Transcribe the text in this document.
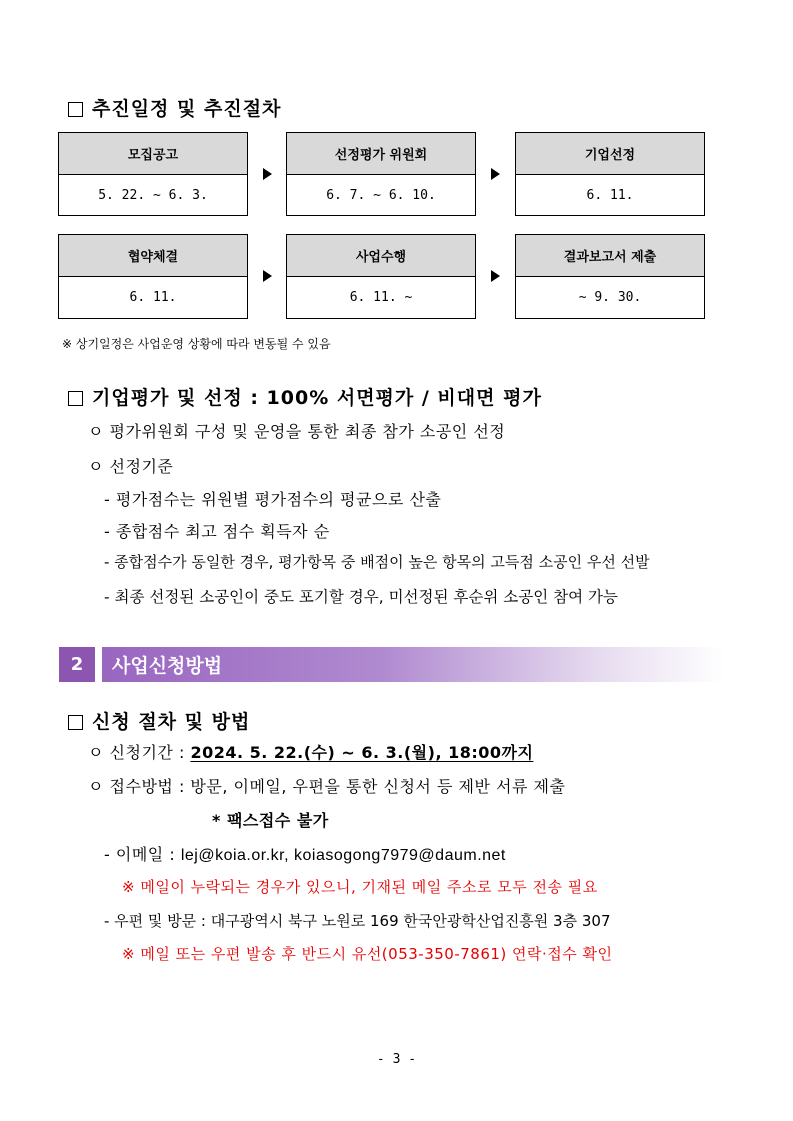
추진일정 및 추진절차
모집공고
5. 22. ~ 6. 3.
선정평가 위원회
6. 7. ~ 6. 10.
기업선정
6. 11.
협약체결
6. 11.
사업수행
6. 11. ~
결과보고서 제출
~ 9. 30.
※ 상기일정은 사업운영 상황에 따라 변동될 수 있음
기업평가 및 선정 : 100% 서면평가 / 비대면 평가
ㅇ 평가위원회 구성 및 운영을 통한 최종 참가 소공인 선정
ㅇ 선정기준
- 평가점수는 위원별 평가점수의 평균으로 산출
- 종합점수 최고 점수 획득자 순
- 종합점수가 동일한 경우, 평가항목 중 배점이 높은 항목의 고득점 소공인 우선 선발
- 최종 선정된 소공인이 중도 포기할 경우, 미선정된 후순위 소공인 참여 가능
2	사업신청방법
신청 절차 및 방법
ㅇ 신청기간 : 2024. 5. 22.(수) ~ 6. 3.(월), 18:00까지
ㅇ 접수방법 : 방문, 이메일, 우편을 통한 신청서 등 제반 서류 제출
* 팩스접수 불가
- 이메일 : lej@koia.or.kr, koiasogong7979@daum.net
※ 메일이 누락되는 경우가 있으니, 기재된 메일 주소로 모두 전송 필요
- 우편 및 방문 : 대구광역시 북구 노원로 169 한국안광학산업진흥원 3층 307
※ 메일 또는 우편 발송 후 반드시 유선(053-350-7861) 연락·접수 확인
- 3 -
